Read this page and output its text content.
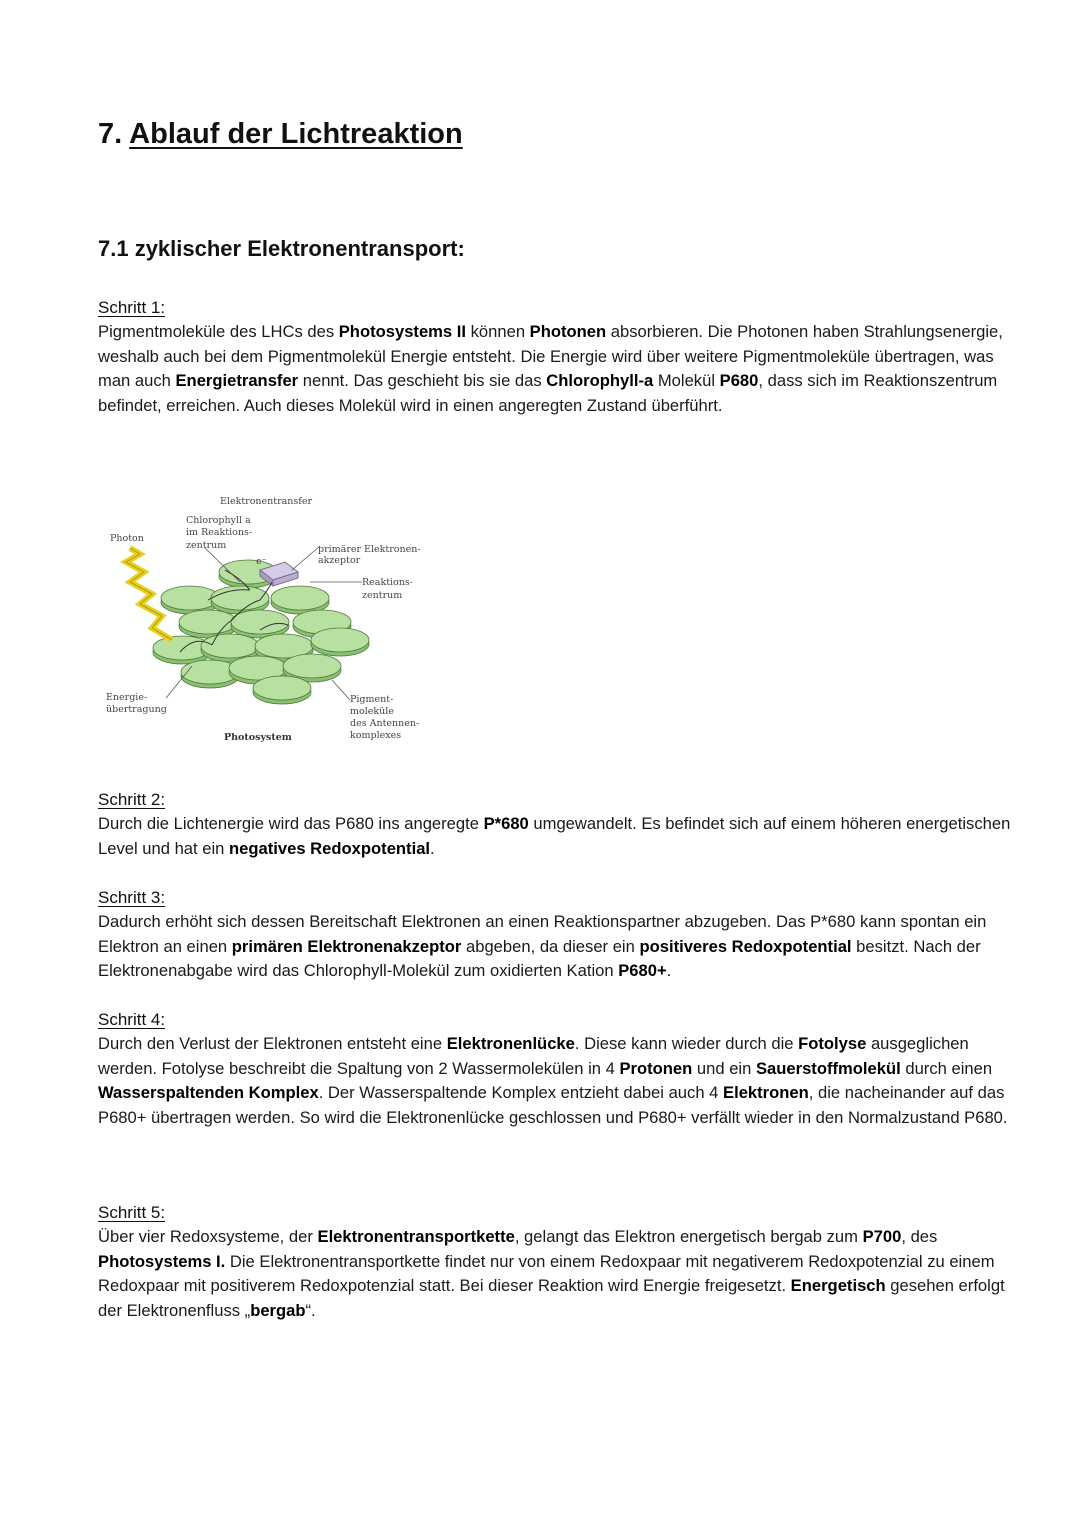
7. Ablauf der Lichtreaktion
7.1 zyklischer Elektronentransport:
Schritt 1:

Pigmentmoleküle des LHCs des Photosystems II können Photonen absorbieren. Die Photonen haben Strahlungsenergie, weshalb auch bei dem Pigmentmolekül Energie entsteht. Die Energie wird über weitere Pigmentmoleküle übertragen, was man auch Energietransfer nennt. Das geschieht bis sie das Chlorophyll-a Molekül P680, dass sich im Reaktionszentrum befindet, erreichen. Auch dieses Molekül wird in einen angeregten Zustand überführt.

Elektronentransfer
Chlorophyll a
im Reaktions-
zentrum
Photon
e⁻
primärer Elektronen-
akzeptor
Reaktions-
zentrum
Energie-
übertragung
Photosystem
Pigment-
moleküle
des Antennen-
komplexes
Schritt 2:

Durch die Lichtenergie wird das P680 ins angeregte P*680 umgewandelt. Es befindet sich auf einem höheren energetischen Level und hat ein negatives Redoxpotential.

Schritt 3:

Dadurch erhöht sich dessen Bereitschaft Elektronen an einen Reaktionspartner abzugeben. Das P*680 kann spontan ein Elektron an einen primären Elektronenakzeptor abgeben, da dieser ein positiveres Redoxpotential besitzt. Nach der Elektronenabgabe wird das Chlorophyll-Molekül zum oxidierten Kation P680+.

Schritt 4:

Durch den Verlust der Elektronen entsteht eine Elektronenlücke. Diese kann wieder durch die Fotolyse ausgeglichen werden. Fotolyse beschreibt die Spaltung von 2 Wassermolekülen in 4 Protonen und ein Sauerstoffmolekül durch einen Wasserspaltenden Komplex. Der Wasserspaltende Komplex entzieht dabei auch 4 Elektronen, die nacheinander auf das P680+ übertragen werden. So wird die Elektronenlücke geschlossen und P680+ verfällt wieder in den Normalzustand P680.

Schritt 5:

Über vier Redoxsysteme, der Elektronentransportkette, gelangt das Elektron energetisch bergab zum P700, des Photosystems I. Die Elektronentransportkette findet nur von einem Redoxpaar mit negativerem Redoxpotenzial zu einem Redoxpaar mit positiverem Redoxpotenzial statt. Bei dieser Reaktion wird Energie freigesetzt. Energetisch gesehen erfolgt der Elektronenfluss „bergab“.
